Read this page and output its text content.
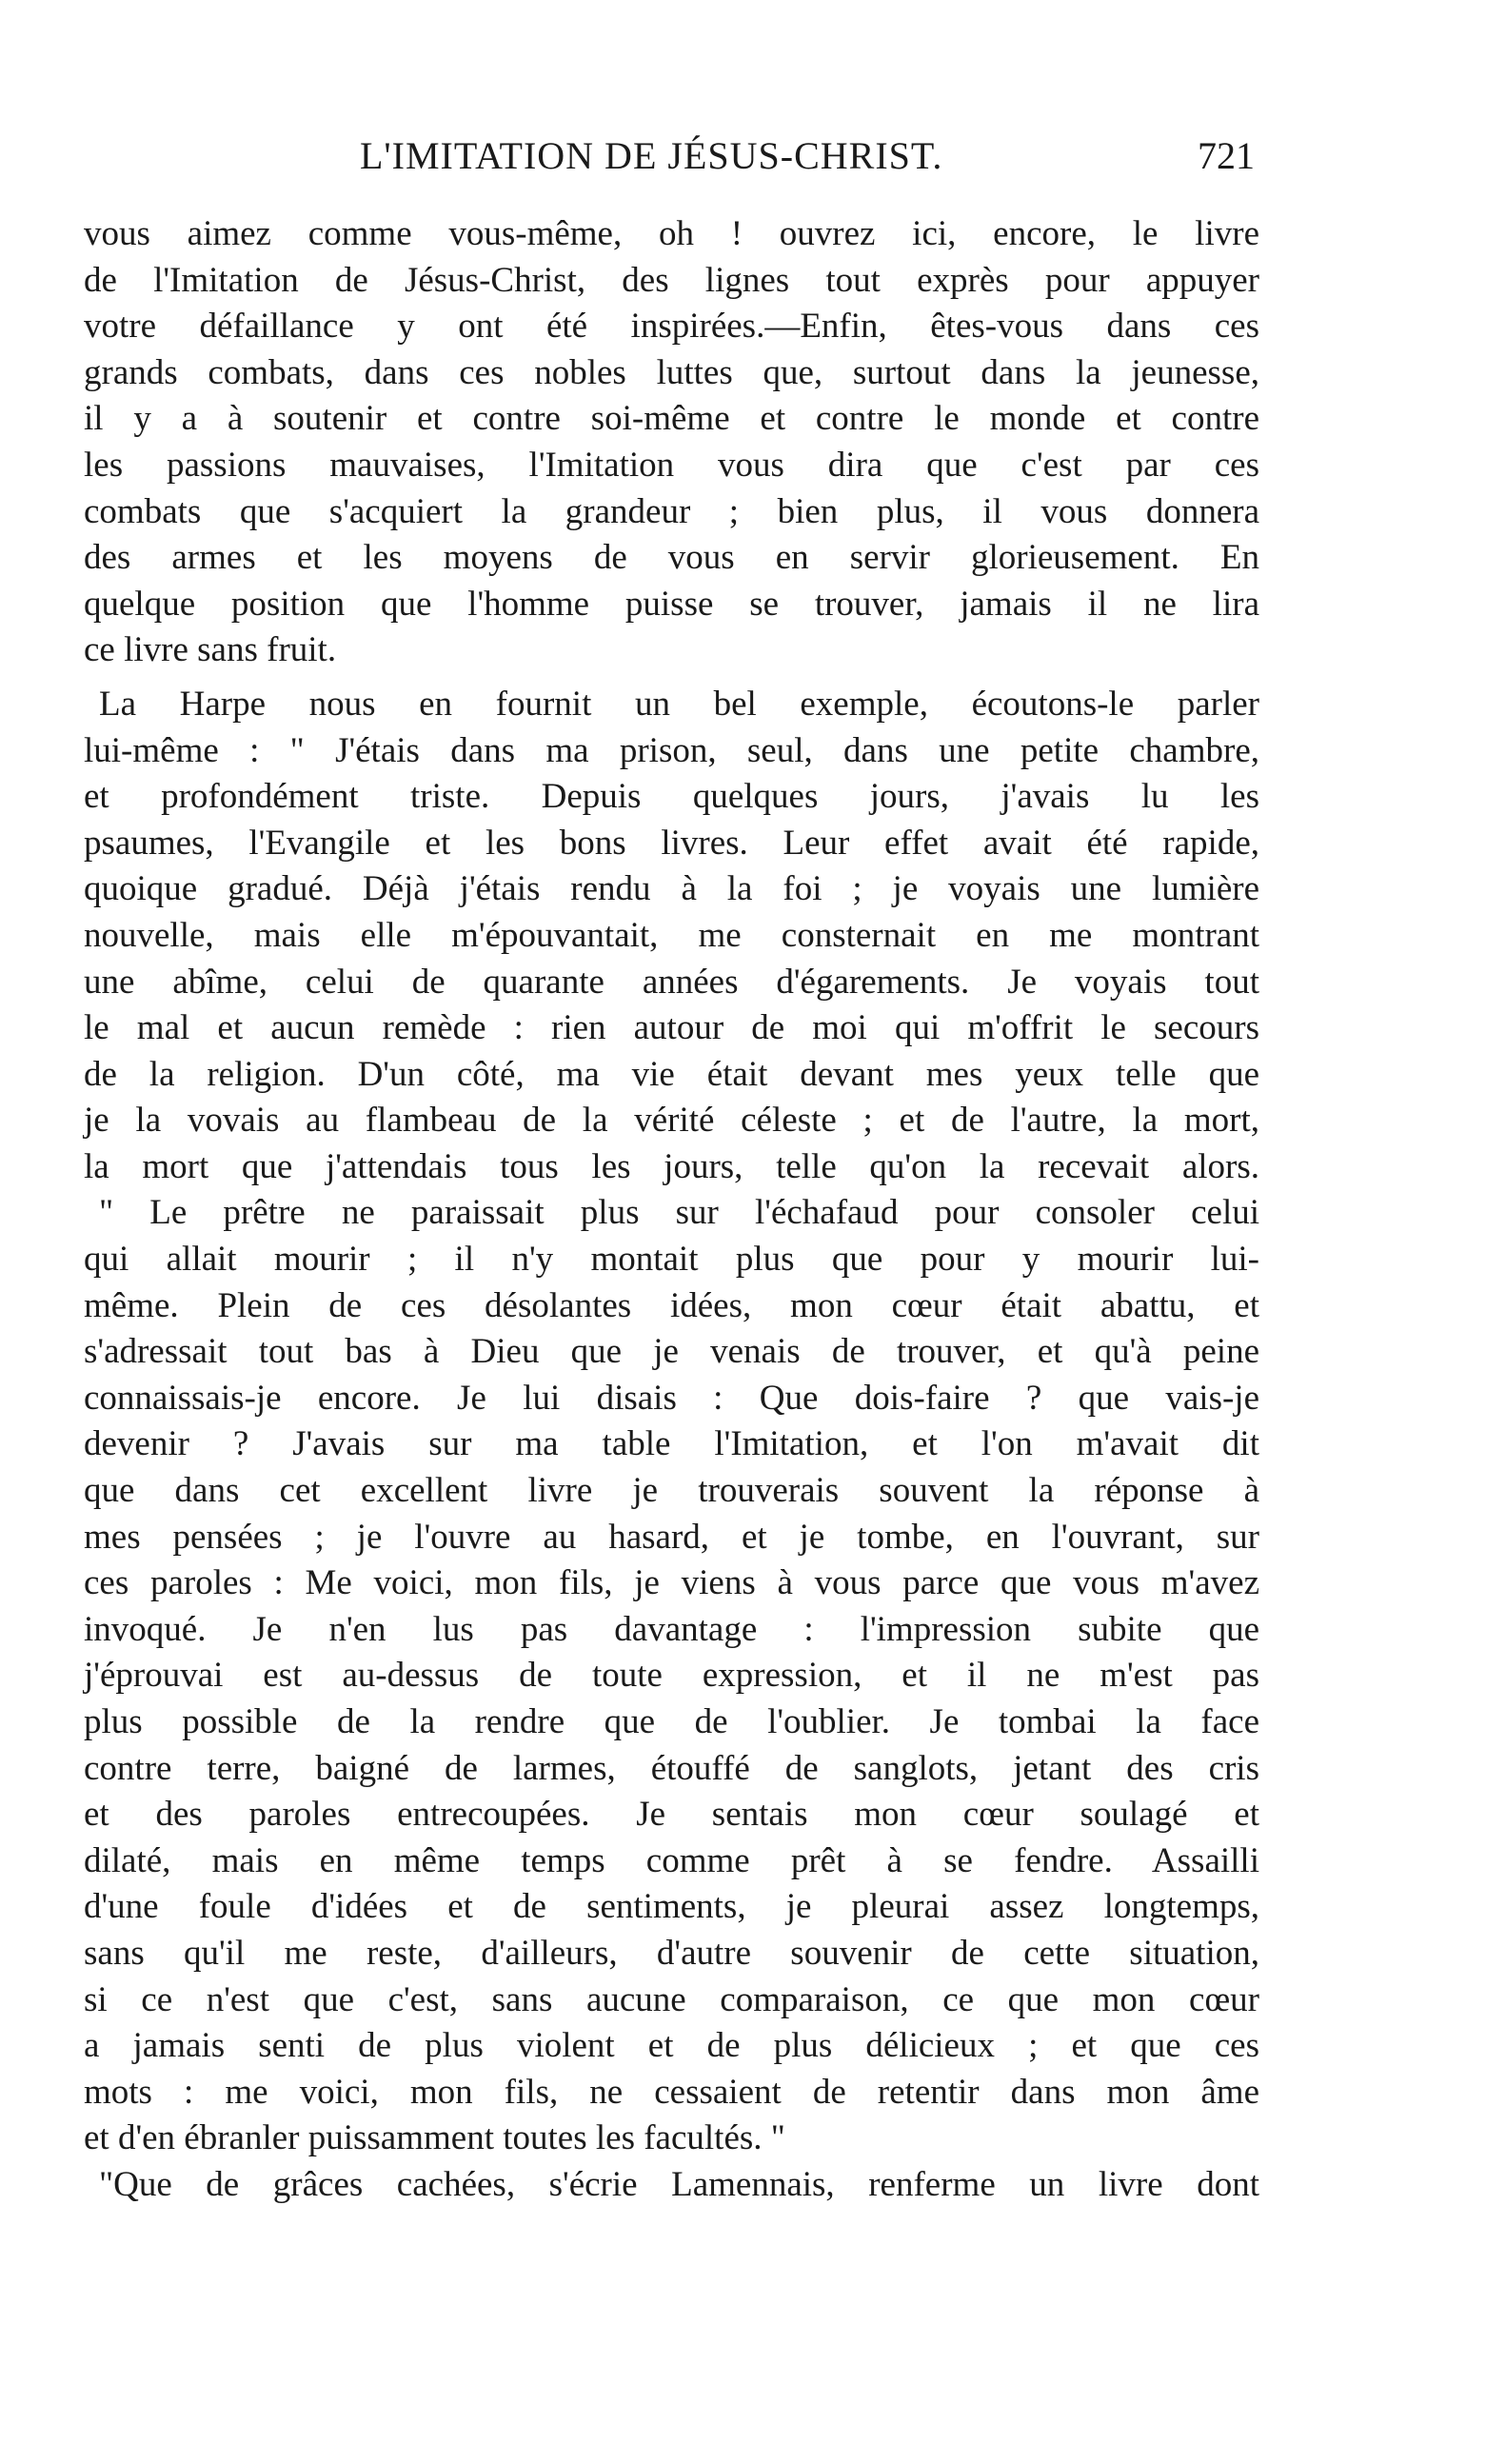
L'IMITATION DE JÉSUS-CHRIST.	721
vous aimez comme vous-même, oh ! ouvrez ici, encore, le livre
de l'Imitation de Jésus-Christ, des lignes tout exprès pour appuyer
votre défaillance y ont été inspirées.—Enfin, êtes-vous dans ces
grands combats, dans ces nobles luttes que, surtout dans la jeunesse,
il y a à soutenir et contre soi-même et contre le monde et contre
les passions mauvaises, l'Imitation vous dira que c'est par ces
combats que s'acquiert la grandeur ; bien plus, il vous donnera
des armes et les moyens de vous en servir glorieusement. En
quelque position que l'homme puisse se trouver, jamais il ne lira
ce livre sans fruit.
La Harpe nous en fournit un bel exemple, écoutons-le parler
lui-même : " J'étais dans ma prison, seul, dans une petite chambre,
et profondément triste. Depuis quelques jours, j'avais lu les
psaumes, l'Evangile et les bons livres. Leur effet avait été rapide,
quoique gradué. Déjà j'étais rendu à la foi ; je voyais une lumière
nouvelle, mais elle m'épouvantait, me consternait en me montrant
une abîme, celui de quarante années d'égarements. Je voyais tout
le mal et aucun remède : rien autour de moi qui m'offrit le secours
de la religion. D'un côté, ma vie était devant mes yeux telle que
je la vovais au flambeau de la vérité céleste ; et de l'autre, la mort,
la mort que j'attendais tous les jours, telle qu'on la recevait alors.
" Le prêtre ne paraissait plus sur l'échafaud pour consoler celui
qui allait mourir ; il n'y montait plus que pour y mourir lui-
même. Plein de ces désolantes idées, mon cœur était abattu, et
s'adressait tout bas à Dieu que je venais de trouver, et qu'à peine
connaissais-je encore. Je lui disais : Que dois-faire ? que vais-je
devenir ? J'avais sur ma table l'Imitation, et l'on m'avait dit
que dans cet excellent livre je trouverais souvent la réponse à
mes pensées ; je l'ouvre au hasard, et je tombe, en l'ouvrant, sur
ces paroles : Me voici, mon fils, je viens à vous parce que vous m'avez
invoqué. Je n'en lus pas davantage : l'impression subite que
j'éprouvai est au-dessus de toute expression, et il ne m'est pas
plus possible de la rendre que de l'oublier. Je tombai la face
contre terre, baigné de larmes, étouffé de sanglots, jetant des cris
et des paroles entrecoupées. Je sentais mon cœur soulagé et
dilaté, mais en même temps comme prêt à se fendre. Assailli
d'une foule d'idées et de sentiments, je pleurai assez longtemps,
sans qu'il me reste, d'ailleurs, d'autre souvenir de cette situation,
si ce n'est que c'est, sans aucune comparaison, ce que mon cœur
a jamais senti de plus violent et de plus délicieux ; et que ces
mots : me voici, mon fils, ne cessaient de retentir dans mon âme
et d'en ébranler puissamment toutes les facultés. "
"Que de grâces cachées, s'écrie Lamennais, renferme un livre dont
